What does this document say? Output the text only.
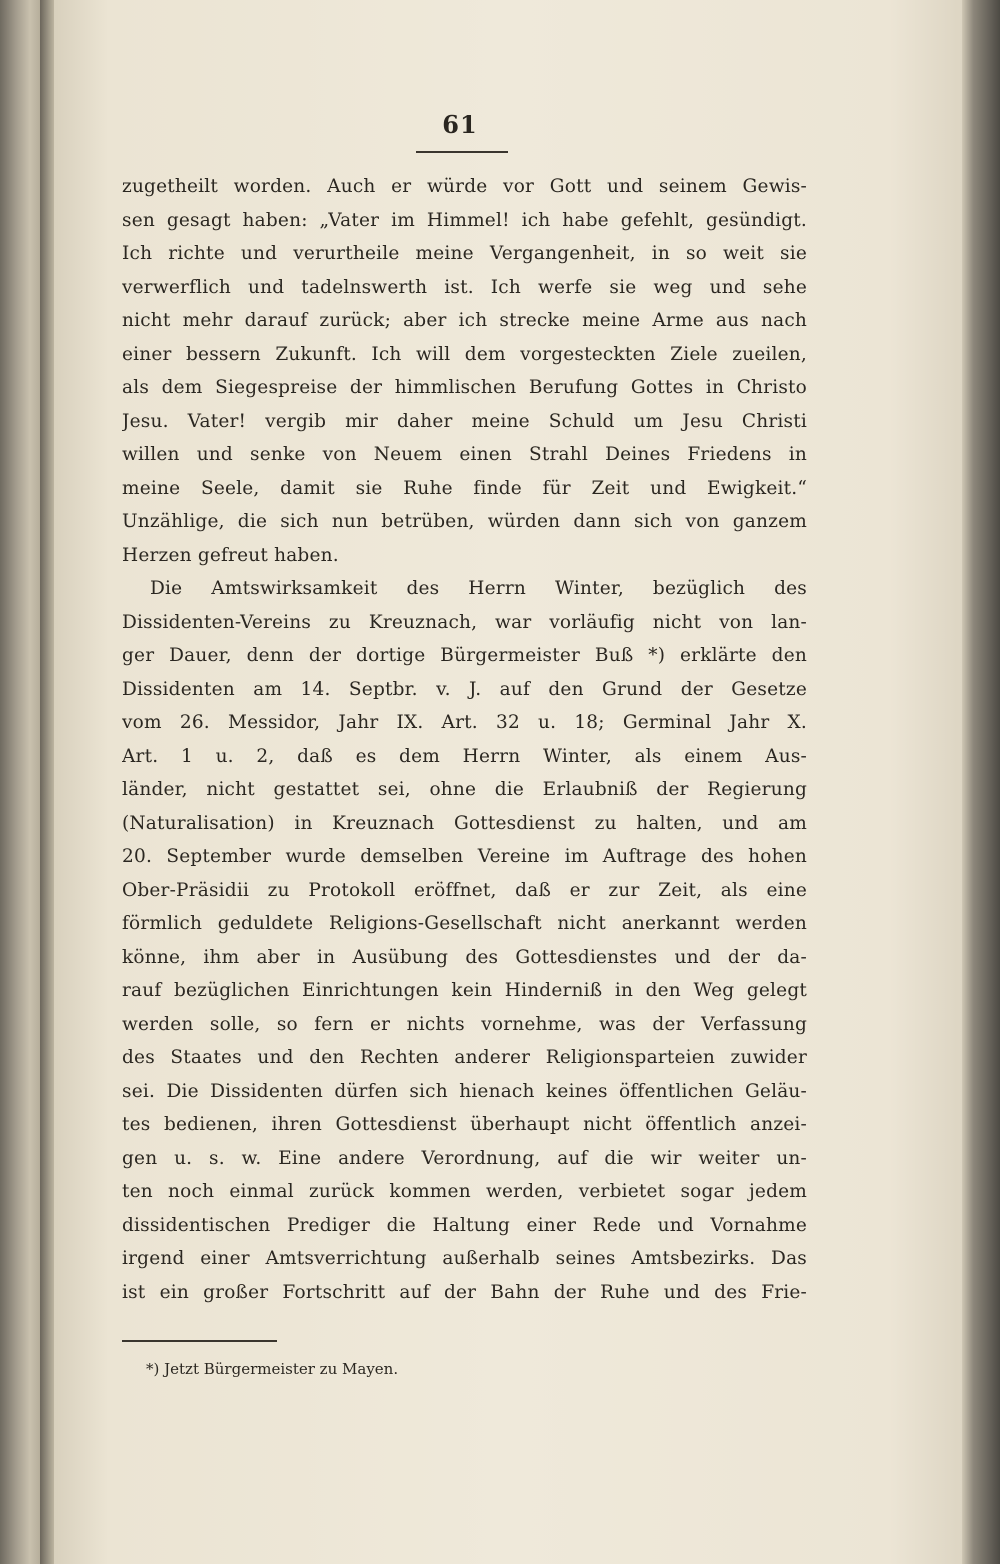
61
zugetheilt worden. Auch er würde vor Gott und seinem Gewis-
sen gesagt haben: „Vater im Himmel! ich habe gefehlt, gesündigt.
Ich richte und verurtheile meine Vergangenheit, in so weit sie
verwerflich und tadelnswerth ist. Ich werfe sie weg und sehe
nicht mehr darauf zurück; aber ich strecke meine Arme aus nach
einer bessern Zukunft. Ich will dem vorgesteckten Ziele zueilen,
als dem Siegespreise der himmlischen Berufung Gottes in Christo
Jesu. Vater! vergib mir daher meine Schuld um Jesu Christi
willen und senke von Neuem einen Strahl Deines Friedens in
meine Seele, damit sie Ruhe finde für Zeit und Ewigkeit.“
Unzählige, die sich nun betrüben, würden dann sich von ganzem
Herzen gefreut haben.
Die Amtswirksamkeit des Herrn Winter, bezüglich des
Dissidenten-Vereins zu Kreuznach, war vorläufig nicht von lan-
ger Dauer, denn der dortige Bürgermeister Buß *) erklärte den
Dissidenten am 14. Septbr. v. J. auf den Grund der Gesetze
vom 26. Messidor, Jahr IX. Art. 32 u. 18; Germinal Jahr X.
Art. 1 u. 2, daß es dem Herrn Winter, als einem Aus-
länder, nicht gestattet sei, ohne die Erlaubniß der Regierung
(Naturalisation) in Kreuznach Gottesdienst zu halten, und am
20. September wurde demselben Vereine im Auftrage des hohen
Ober-Präsidii zu Protokoll eröffnet, daß er zur Zeit, als eine
förmlich geduldete Religions-Gesellschaft nicht anerkannt werden
könne, ihm aber in Ausübung des Gottesdienstes und der da-
rauf bezüglichen Einrichtungen kein Hinderniß in den Weg gelegt
werden solle, so fern er nichts vornehme, was der Verfassung
des Staates und den Rechten anderer Religionsparteien zuwider
sei. Die Dissidenten dürfen sich hienach keines öffentlichen Geläu-
tes bedienen, ihren Gottesdienst überhaupt nicht öffentlich anzei-
gen u. s. w. Eine andere Verordnung, auf die wir weiter un-
ten noch einmal zurück kommen werden, verbietet sogar jedem
dissidentischen Prediger die Haltung einer Rede und Vornahme
irgend einer Amtsverrichtung außerhalb seines Amtsbezirks. Das
ist ein großer Fortschritt auf der Bahn der Ruhe und des Frie-
*) Jetzt Bürgermeister zu Mayen.
